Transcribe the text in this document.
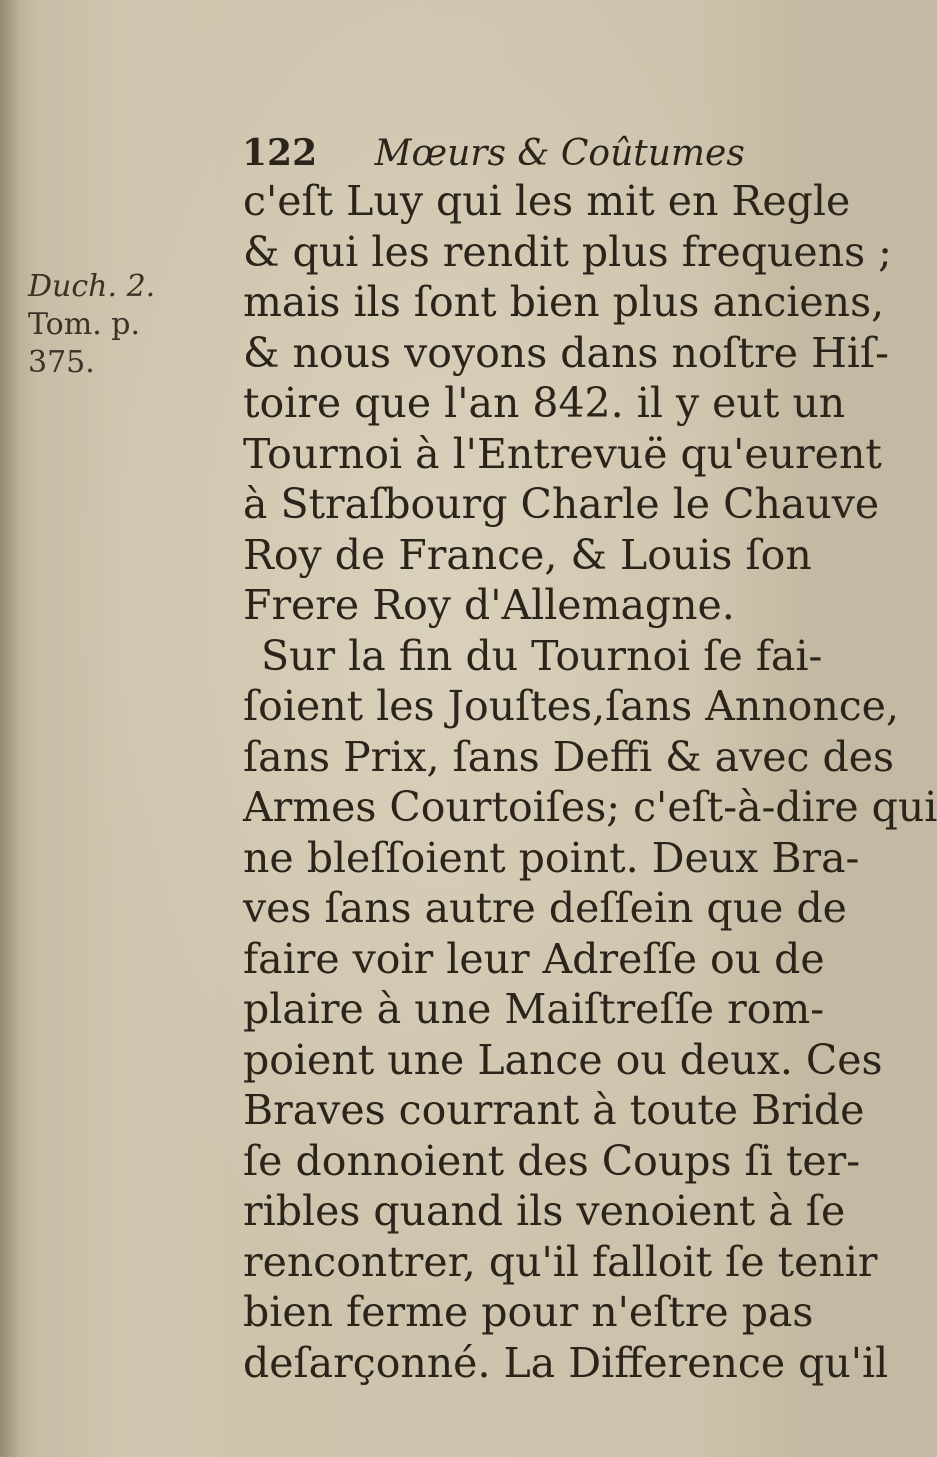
122 Mœurs & Coûtumes
Duch. 2.
Tom. p.
375.
c'eſt Luy qui les mit en Regle
& qui les rendit plus frequens ;
mais ils ſont bien plus anciens,
& nous voyons dans noſtre Hiſ-
toire que l'an 842. il y eut un
Tournoi à l'Entrevuë qu'eurent
à Straſbourg Charle le Chauve
Roy de France, & Louis ſon
Frere Roy d'Allemagne.
Sur la fin du Tournoi ſe fai-
ſoient les Jouſtes,ſans Annonce,
ſans Prix, ſans Deffi & avec des
Armes Courtoiſes; c'eſt-à-dire qui
ne bleſſoient point. Deux Bra-
ves ſans autre deſſein que de
faire voir leur Adreſſe ou de
plaire à une Maiſtreſſe rom-
poient une Lance ou deux. Ces
Braves courrant à toute Bride
ſe donnoient des Coups ſi ter-
ribles quand ils venoient à ſe
rencontrer, qu'il falloit ſe tenir
bien ferme pour n'eſtre pas
deſarçonné. La Difference qu'il
